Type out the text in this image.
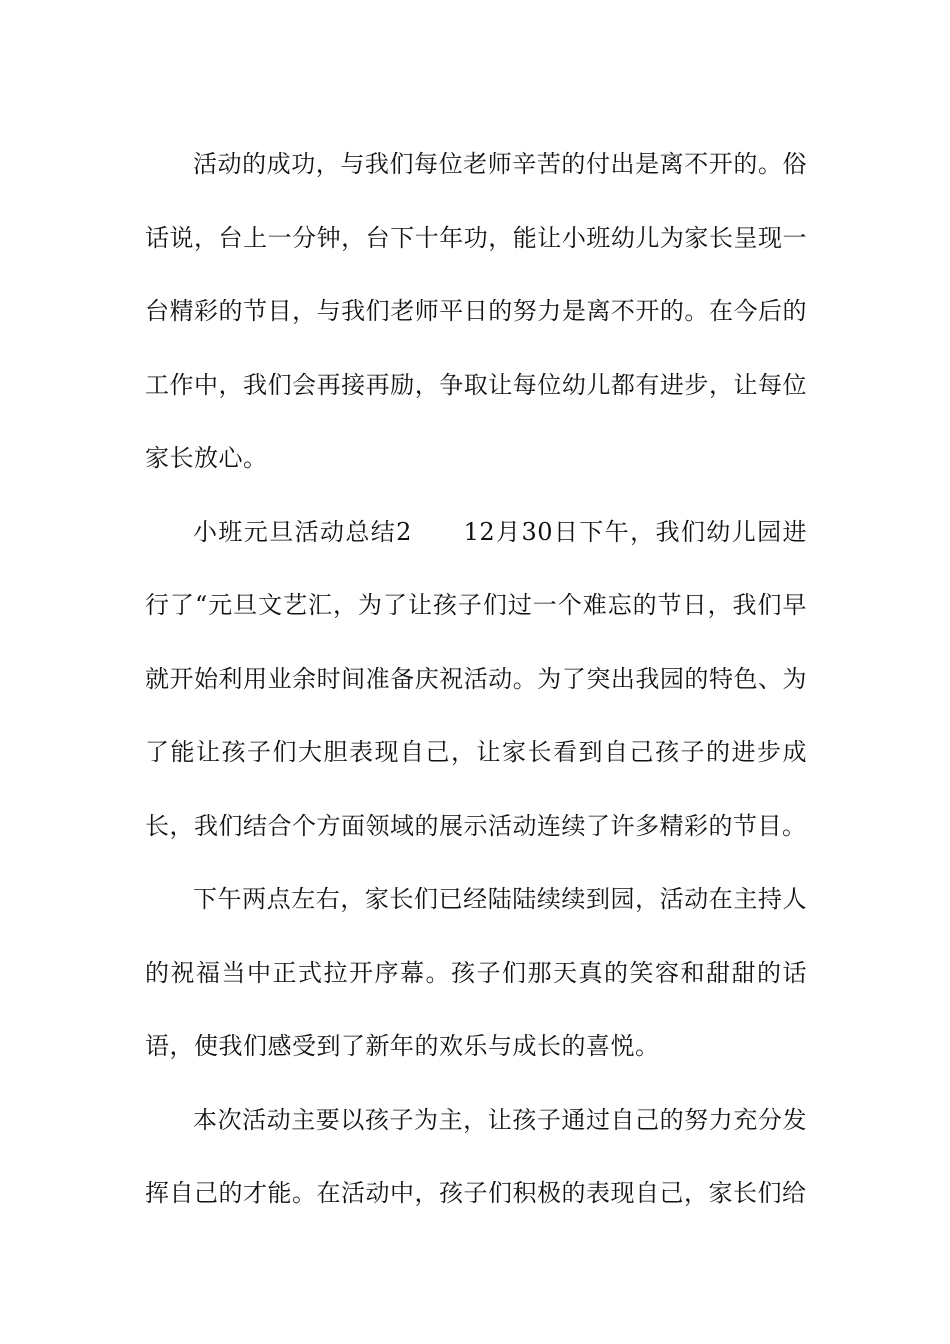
活动的成功，与我们每位老师辛苦的付出是离不开的。俗话说，台上一分钟，台下十年功，能让小班幼儿为家长呈现一台精彩的节目，与我们老师平日的努力是离不开的。在今后的工作中，我们会再接再励，争取让每位幼儿都有进步，让每位家长放心。

小班元旦活动总结2　　12月30日下午，我们幼儿园进行了“元旦文艺汇，为了让孩子们过一个难忘的节日，我们早就开始利用业余时间准备庆祝活动。为了突出我园的特色、为了能让孩子们大胆表现自己，让家长看到自己孩子的进步成长，我们结合个方面领域的展示活动连续了许多精彩的节目。

下午两点左右，家长们已经陆陆续续到园，活动在主持人的祝福当中正式拉开序幕。孩子们那天真的笑容和甜甜的话语，使我们感受到了新年的欢乐与成长的喜悦。

本次活动主要以孩子为主，让孩子通过自己的努力充分发挥自己的才能。在活动中，孩子们积极的表现自己，家长们给
